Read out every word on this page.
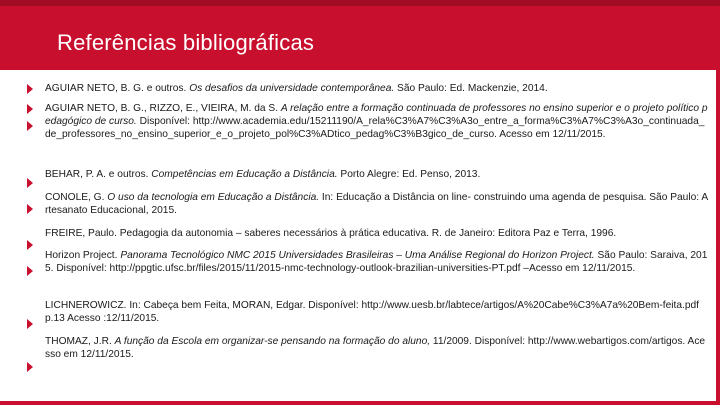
Referências bibliográficas
AGUIAR NETO, B. G. e outros. Os desafios da universidade contemporânea. São Paulo: Ed. Mackenzie, 2014.
AGUIAR NETO, B. G., RIZZO, E., VIEIRA, M. da S. A relação entre a formação continuada de professores no ensino superior e o projeto político pedagógico de curso. Disponível: http://www.academia.edu/15211190/A_rela%C3%A7%C3%A3o_entre_a_forma%C3%A7%C3%A3o_continuada_de_professores_no_ensino_superior_e_o_projeto_pol%C3%ADtico_pedag%C3%B3gico_de_curso. Acesso em 12/11/2015.
BEHAR, P. A. e outros. Competências em Educação a Distância. Porto Alegre: Ed. Penso, 2013.
CONOLE, G. O uso da tecnologia em Educação a Distância. In: Educação a Distância on line- construindo uma agenda de pesquisa. São Paulo: Artesanato Educacional, 2015.
FREIRE, Paulo. Pedagogia da autonomia – saberes necessários à prática educativa. R. de Janeiro: Editora Paz e Terra, 1996.
Horizon Project. Panorama Tecnológico NMC 2015 Universidades Brasileiras – Uma Análise Regional do Horizon Project. São Paulo: Saraiva, 2015. Disponível: http://ppgtic.ufsc.br/files/2015/11/2015-nmc-technology-outlook-brazilian-universities-PT.pdf –Acesso em 12/11/2015.
LICHNEROWICZ. In: Cabeça bem Feita, MORAN, Edgar. Disponível: http://www.uesb.br/labtece/artigos/A%20Cabe%C3%A7a%20Bem-feita.pdf p.13 Acesso :12/11/2015.
THOMAZ, J.R. A função da Escola em organizar-se pensando na formação do aluno, 11/2009. Disponível: http://www.webartigos.com/artigos. Acesso em 12/11/2015.
